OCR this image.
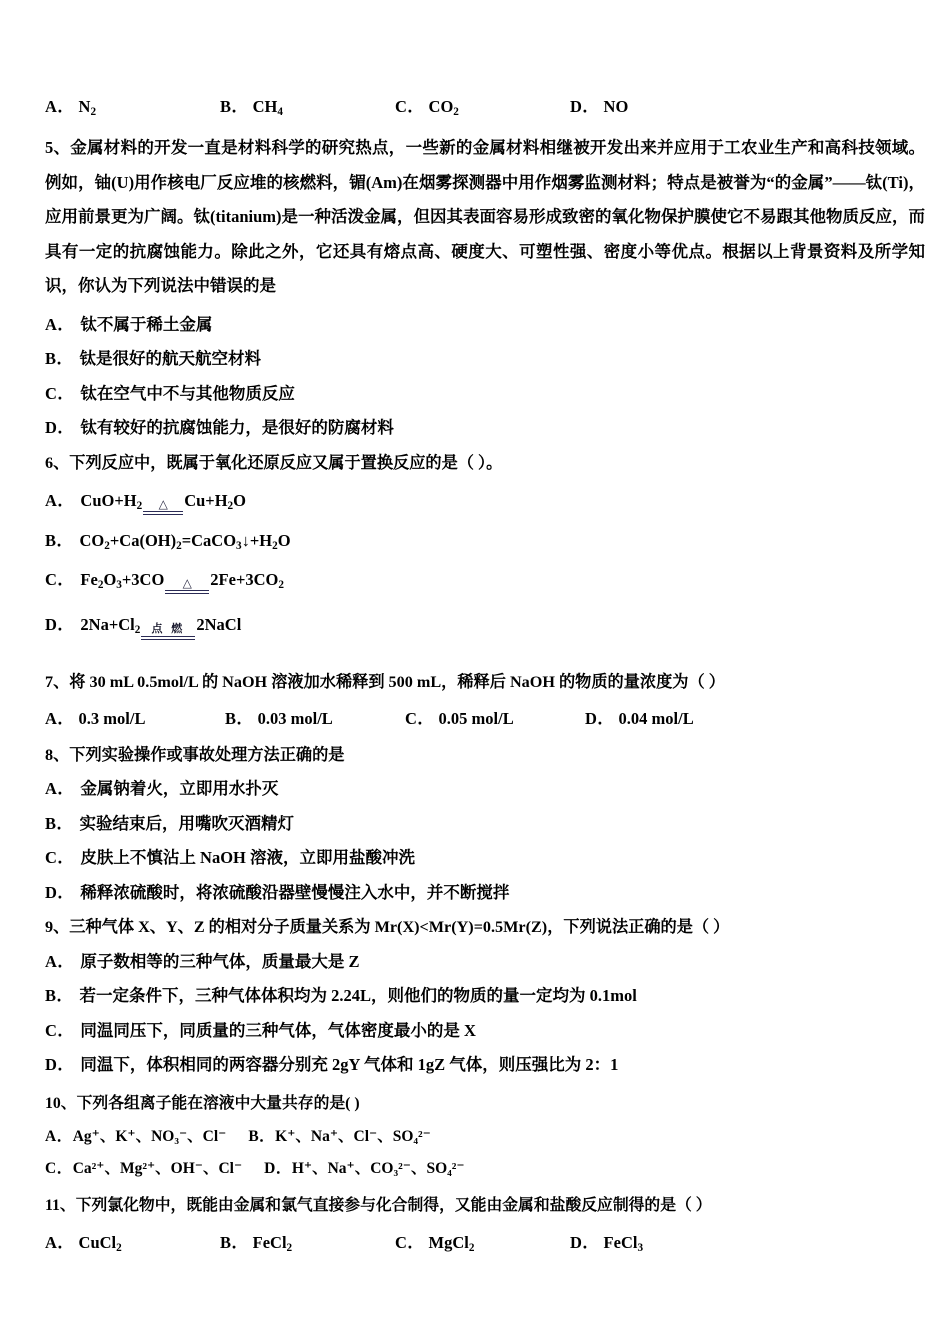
A． $N_2$	B． $CH_4$	C． $CO_2$	D． NO
5、金属材料的开发一直是材料科学的研究热点，一些新的金属材料相继被开发出来并应用于工农业生产和高科技领域。例如，铀(U)用作核电厂反应堆的核燃料，镅(Am)在烟雾探测器中用作烟雾监测材料；特点是被誉为“的金属”——钛(Ti)，应用前景更为广阔。钛(titanium)是一种活泼金属，但因其表面容易形成致密的氧化物保护膜使它不易跟其他物质反应，而具有一定的抗腐蚀能力。除此之外，它还具有熔点高、硬度大、可塑性强、密度小等优点。根据以上背景资料及所学知识，你认为下列说法中错误的是
A． 钛不属于稀土金属
B． 钛是很好的航天航空材料
C． 钛在空气中不与其他物质反应
D． 钛有较好的抗腐蚀能力，是很好的防腐材料
6、下列反应中，既属于氧化还原反应又属于置换反应的是（ ）。
A． $CuO+H_2$ △ $Cu+H_2O$
B． $CO_2+Ca(OH)_2=CaCO_3↓+H_2O$
C． $Fe_2O_3+3CO$ △ $2Fe+3CO_2$
D． $2Na+Cl_2$ 点 燃 2NaCl
7、将 30 mL 0.5mol/L 的 NaOH 溶液加水稀释到 500 mL，稀释后 NaOH 的物质的量浓度为（ ）
A． 0.3 mol/L	B． 0.03 mol/L	C． 0.05 mol/L	D． 0.04 mol/L
8、下列实验操作或事故处理方法正确的是
A． 金属钠着火，立即用水扑灭
B． 实验结束后，用嘴吹灭酒精灯
C． 皮肤上不慎沾上 NaOH 溶液，立即用盐酸冲洗
D． 稀释浓硫酸时，将浓硫酸沿器壁慢慢注入水中，并不断搅拌
9、三种气体 X、Y、Z 的相对分子质量关系为 Mr(X)<Mr(Y)=0.5Mr(Z)，下列说法正确的是（ ）
A． 原子数相等的三种气体，质量最大是 Z
B． 若一定条件下，三种气体体积均为 2.24L，则他们的物质的量一定均为 0.1mol
C． 同温同压下，同质量的三种气体，气体密度最小的是 X
D． 同温下，体积相同的两容器分别充 2gY 气体和 1gZ 气体，则压强比为 2：1
10、下列各组离子能在溶液中大量共存的是( )
A．Ag⁺、K⁺、NO₃⁻、Cl⁻ B．K⁺、Na⁺、Cl⁻、SO₄²⁻
C．Ca²⁺、Mg²⁺、OH⁻、Cl⁻ D．H⁺、Na⁺、CO₃²⁻、SO₄²⁻
11、下列氯化物中，既能由金属和氯气直接参与化合制得，又能由金属和盐酸反应制得的是（ ）
A． CuCl$_2$	B． FeCl$_2$	C． MgCl$_2$	D． FeCl$_3$
